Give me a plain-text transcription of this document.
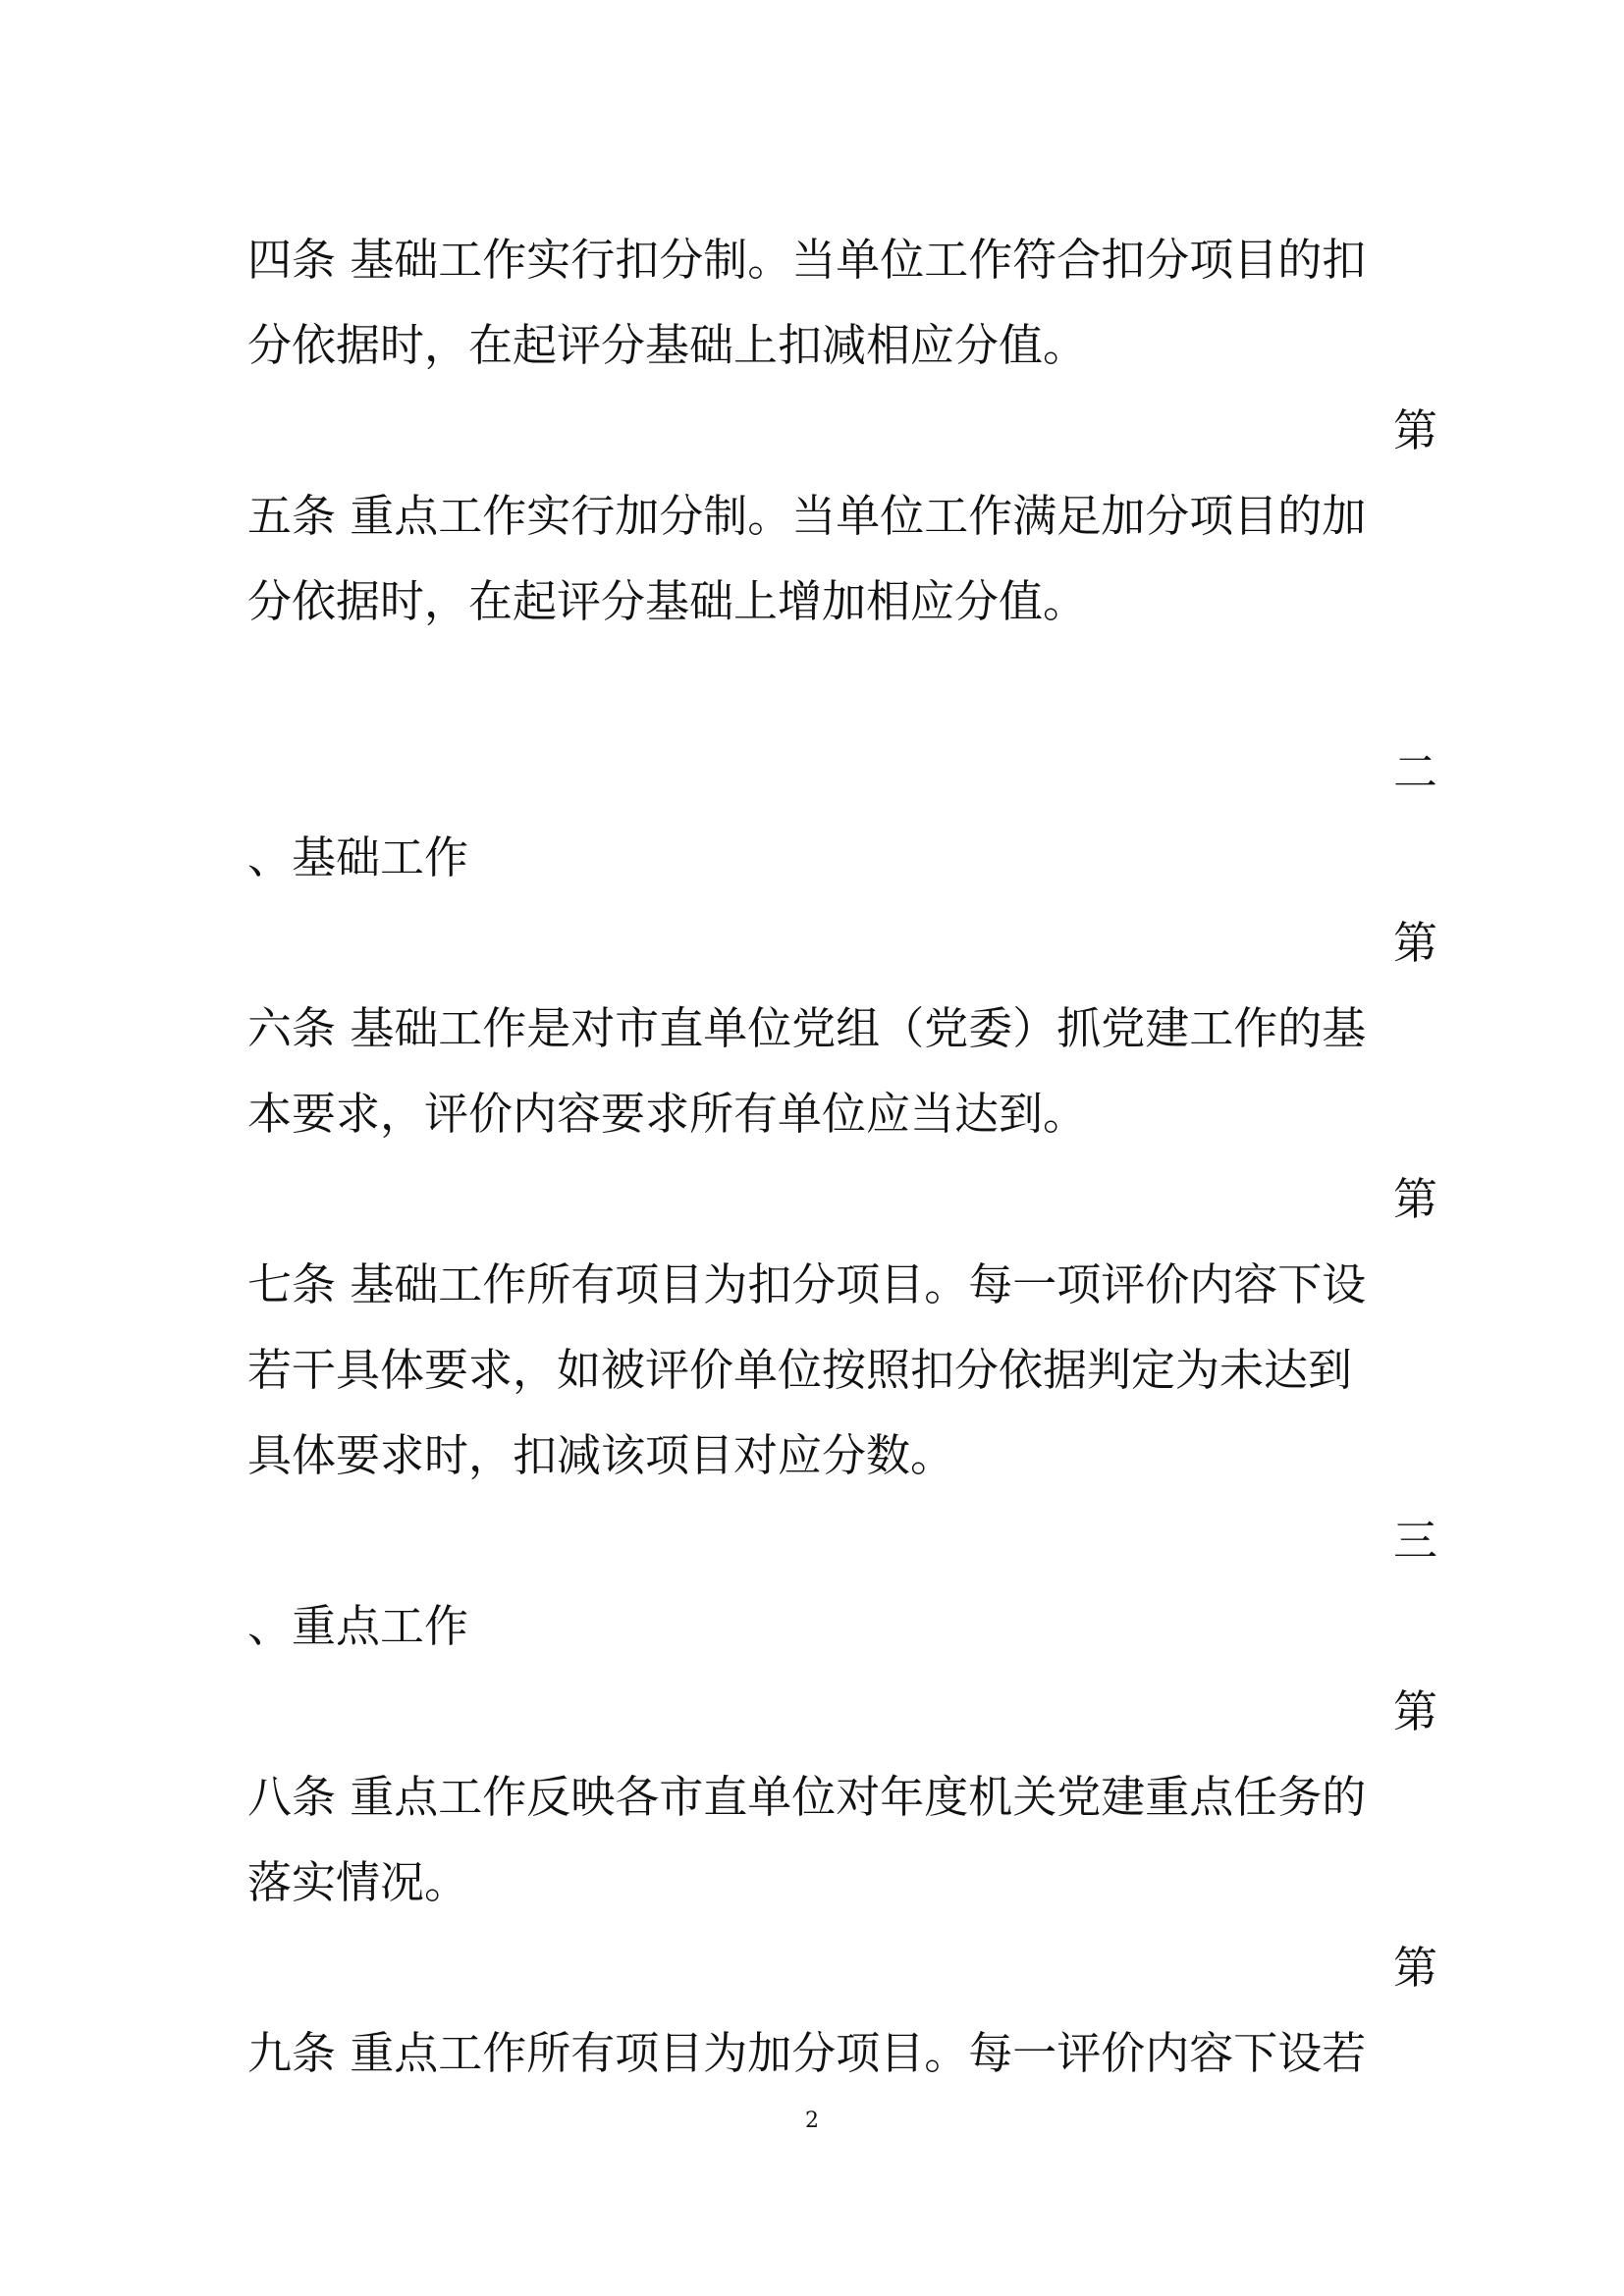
四条 基础工作实行扣分制。当单位工作符合扣分项目的扣
分依据时，在起评分基础上扣减相应分值。
第
五条 重点工作实行加分制。当单位工作满足加分项目的加
分依据时，在起评分基础上增加相应分值。
二
、基础工作
第
六条 基础工作是对市直单位党组（党委）抓党建工作的基
本要求，评价内容要求所有单位应当达到。
第
七条 基础工作所有项目为扣分项目。每一项评价内容下设
若干具体要求，如被评价单位按照扣分依据判定为未达到
具体要求时，扣减该项目对应分数。
三
、重点工作
第
八条 重点工作反映各市直单位对年度机关党建重点任务的
落实情况。
第
九条 重点工作所有项目为加分项目。每一评价内容下设若
2
